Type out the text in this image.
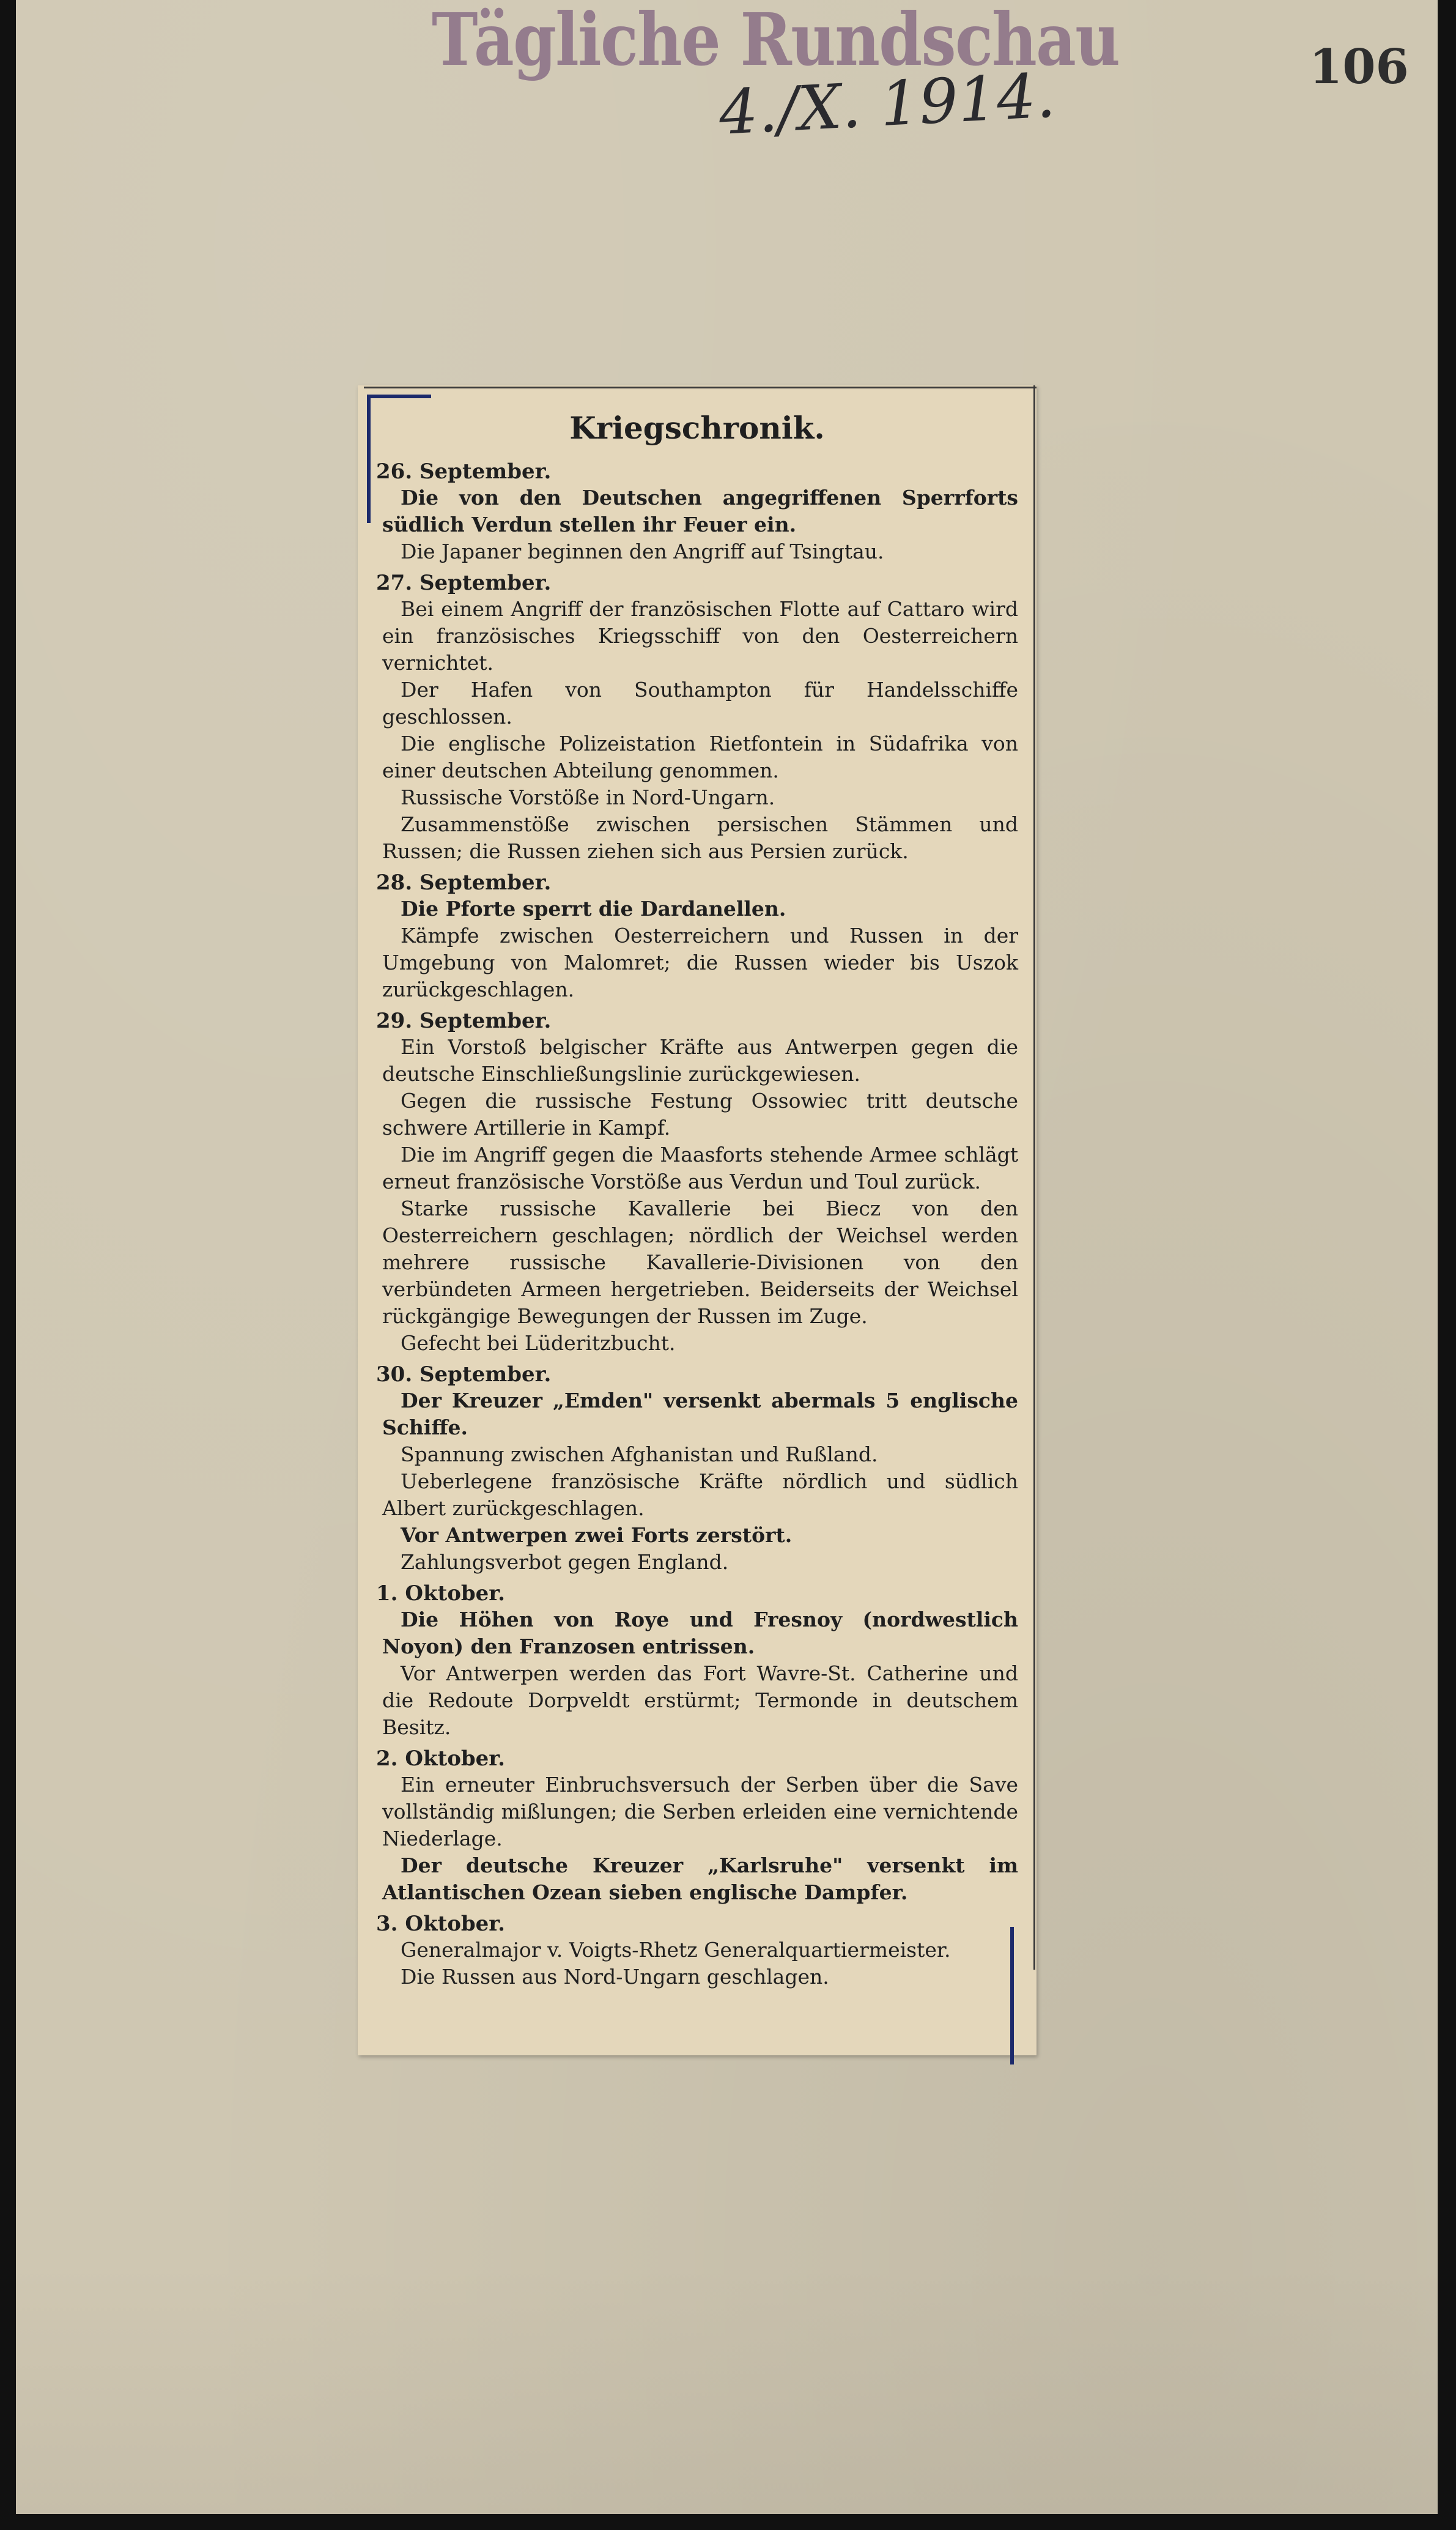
Tägliche Rundschau
4./X. 1914.	106
Kriegschronik.
26. September.
Die von den Deutschen angegriffenen Sperrforts südlich Verdun stellen ihr Feuer ein.
Die Japaner beginnen den Angriff auf Tsingtau.
27. September.
Bei einem Angriff der französischen Flotte auf Cattaro wird ein französisches Kriegsschiff von den Oesterreichern vernichtet.
Der Hafen von Southampton für Handelsschiffe geschlossen.
Die englische Polizeistation Rietfontein in Südafrika von einer deutschen Abteilung genommen.
Russische Vorstöße in Nord-Ungarn.
Zusammenstöße zwischen persischen Stämmen und Russen; die Russen ziehen sich aus Persien zurück.
28. September.
Die Pforte sperrt die Dardanellen.
Kämpfe zwischen Oesterreichern und Russen in der Umgebung von Malomret; die Russen wieder bis Uszok zurückgeschlagen.
29. September.
Ein Vorstoß belgischer Kräfte aus Antwerpen gegen die deutsche Einschließungslinie zurückgewiesen.
Gegen die russische Festung Ossowiec tritt deutsche schwere Artillerie in Kampf.
Die im Angriff gegen die Maasforts stehende Armee schlägt erneut französische Vorstöße aus Verdun und Toul zurück.
Starke russische Kavallerie bei Biecz von den Oesterreichern geschlagen; nördlich der Weichsel werden mehrere russische Kavallerie-Divisionen von den verbündeten Armeen hergetrieben. Beiderseits der Weichsel rückgängige Bewegungen der Russen im Zuge.
Gefecht bei Lüderitzbucht.
30. September.
Der Kreuzer „Emden" versenkt abermals 5 englische Schiffe.
Spannung zwischen Afghanistan und Rußland.
Ueberlegene französische Kräfte nördlich und südlich Albert zurückgeschlagen.
Vor Antwerpen zwei Forts zerstört.
Zahlungsverbot gegen England.
1. Oktober.
Die Höhen von Roye und Fresnoy (nordwestlich Noyon) den Franzosen entrissen.
Vor Antwerpen werden das Fort Wavre-St. Catherine und die Redoute Dorpveldt erstürmt; Termonde in deutschem Besitz.
2. Oktober.
Ein erneuter Einbruchsversuch der Serben über die Save vollständig mißlungen; die Serben erleiden eine vernichtende Niederlage.
Der deutsche Kreuzer „Karlsruhe" versenkt im Atlantischen Ozean sieben englische Dampfer.
3. Oktober.
Generalmajor v. Voigts-Rhetz Generalquartiermeister.
Die Russen aus Nord-Ungarn geschlagen.
